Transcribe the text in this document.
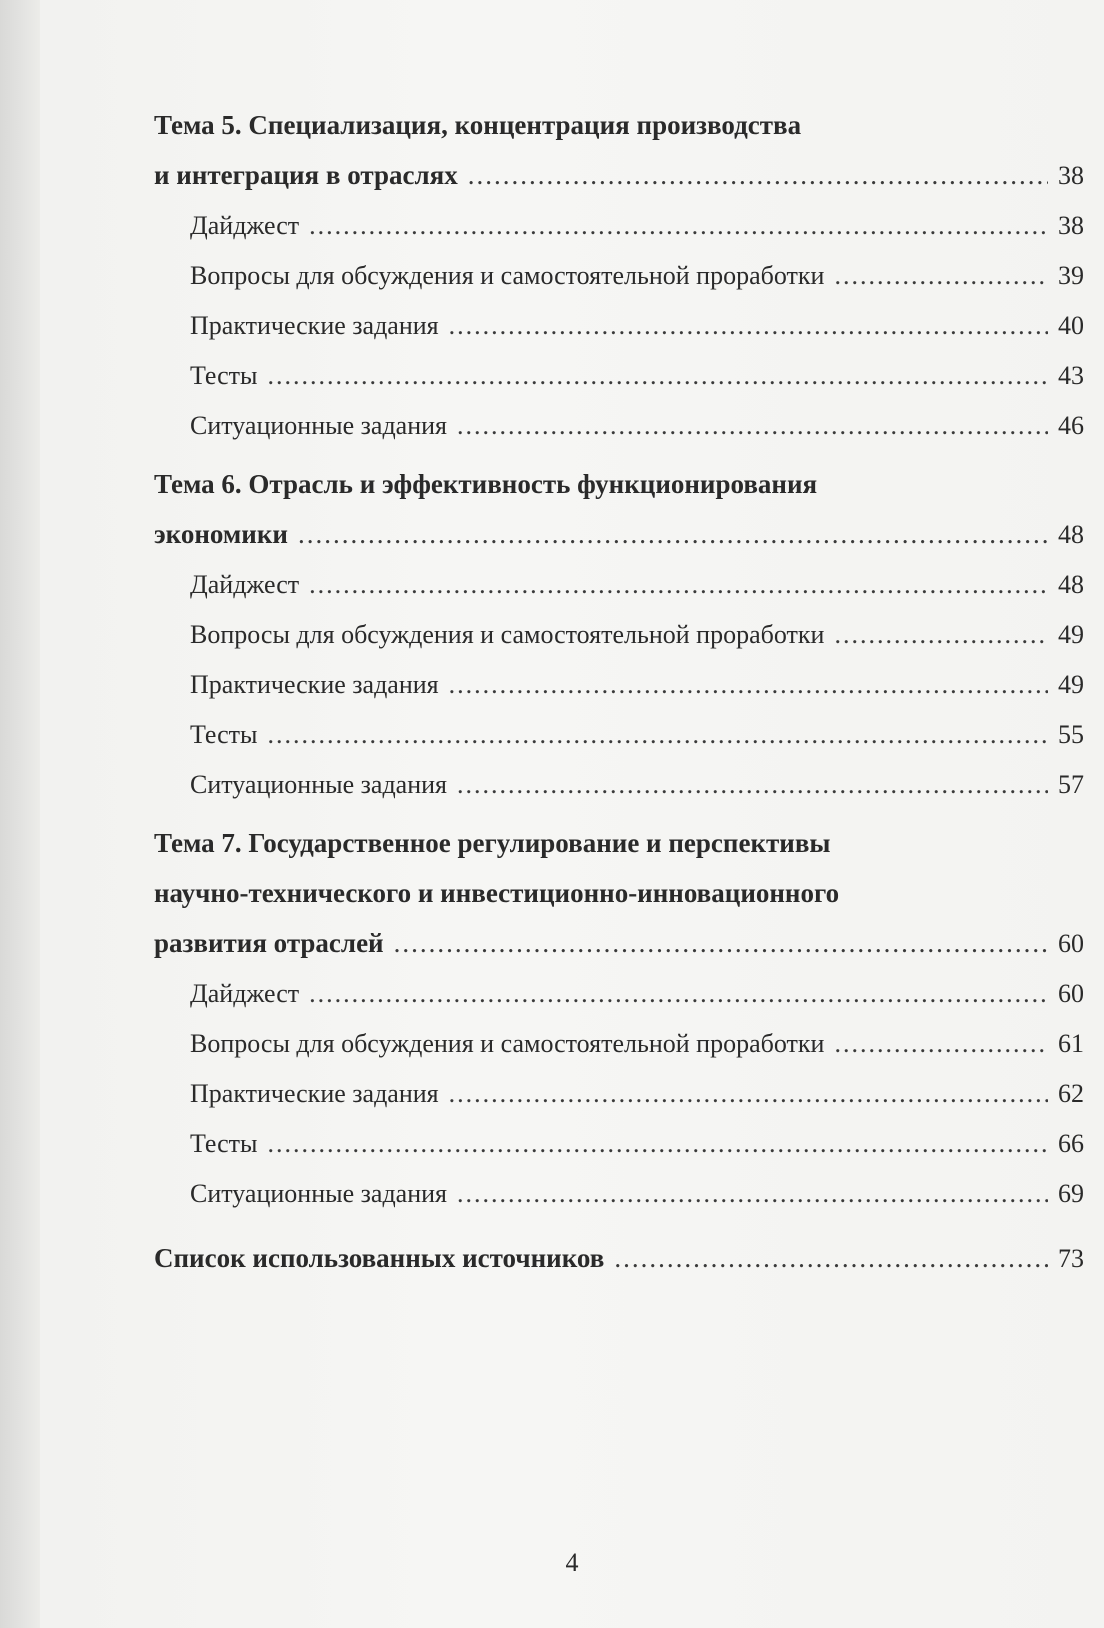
Тема 5. Специализация, концентрация производства

и интеграция в отраслях .....	38
Дайджест .....	38
Вопросы для обсуждения и самостоятельной проработки .....	39
Практические задания .....	40
Тесты .....	43
Ситуационные задания .....	46

Тема 6. Отрасль и эффективность функционирования

экономики .....	48
Дайджест .....	48
Вопросы для обсуждения и самостоятельной проработки .....	49
Практические задания .....	49
Тесты .....	55
Ситуационные задания .....	57

Тема 7. Государственное регулирование и перспективы

научно-технического и инвестиционно-инновационного

развития отраслей .....	60
Дайджест .....	60
Вопросы для обсуждения и самостоятельной проработки .....	61
Практические задания .....	62
Тесты .....	66
Ситуационные задания .....	69
Список использованных источников .....	73
4
